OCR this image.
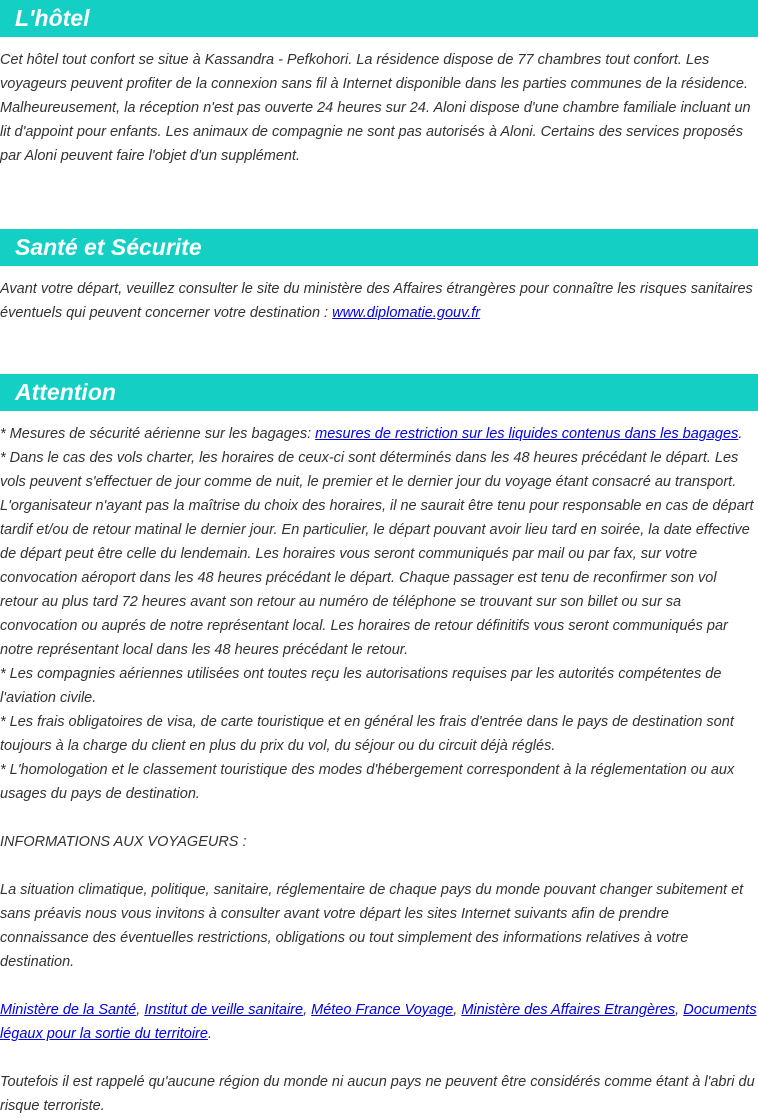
L'hôtel

Cet hôtel tout confort se situe à Kassandra - Pefkohori. La résidence dispose de 77 chambres tout confort. Les voyageurs peuvent profiter de la connexion sans fil à Internet disponible dans les parties communes de la résidence. Malheureusement, la réception n'est pas ouverte 24 heures sur 24. Aloni dispose d'une chambre familiale incluant un lit d'appoint pour enfants. Les animaux de compagnie ne sont pas autorisés à Aloni. Certains des services proposés par Aloni peuvent faire l'objet d'un supplément.

Santé et Sécurite

Avant votre départ, veuillez consulter le site du ministère des Affaires étrangères pour connaître les risques sanitaires éventuels qui peuvent concerner votre destination : www.diplomatie.gouv.fr

Attention

* Mesures de sécurité aérienne sur les bagages: mesures de restriction sur les liquides contenus dans les bagages.

* Dans le cas des vols charter, les horaires de ceux-ci sont déterminés dans les 48 heures précédant le départ. Les vols peuvent s'effectuer de jour comme de nuit, le premier et le dernier jour du voyage étant consacré au transport. L'organisateur n'ayant pas la maîtrise du choix des horaires, il ne saurait être tenu pour responsable en cas de départ tardif et/ou de retour matinal le dernier jour. En particulier, le départ pouvant avoir lieu tard en soirée, la date effective de départ peut être celle du lendemain. Les horaires vous seront communiqués par mail ou par fax, sur votre convocation aéroport dans les 48 heures précédant le départ. Chaque passager est tenu de reconfirmer son vol retour au plus tard 72 heures avant son retour au numéro de téléphone se trouvant sur son billet ou sur sa convocation ou auprés de notre représentant local. Les horaires de retour définitifs vous seront communiqués par notre représentant local dans les 48 heures précédant le retour.

* Les compagnies aériennes utilisées ont toutes reçu les autorisations requises par les autorités compétentes de l'aviation civile.

* Les frais obligatoires de visa, de carte touristique et en général les frais d'entrée dans le pays de destination sont toujours à la charge du client en plus du prix du vol, du séjour ou du circuit déjà réglés.

* L'homologation et le classement touristique des modes d'hébergement correspondent à la réglementation ou aux usages du pays de destination.

INFORMATIONS AUX VOYAGEURS :

La situation climatique, politique, sanitaire, réglementaire de chaque pays du monde pouvant changer subitement et sans préavis nous vous invitons à consulter avant votre départ les sites Internet suivants afin de prendre connaissance des éventuelles restrictions, obligations ou tout simplement des informations relatives à votre destination.

Ministère de la Santé, Institut de veille sanitaire, Méteo France Voyage, Ministère des Affaires Etrangères, Documents légaux pour la sortie du territoire.

Toutefois il est rappelé qu'aucune région du monde ni aucun pays ne peuvent être considérés comme étant à l'abri du risque terroriste.
